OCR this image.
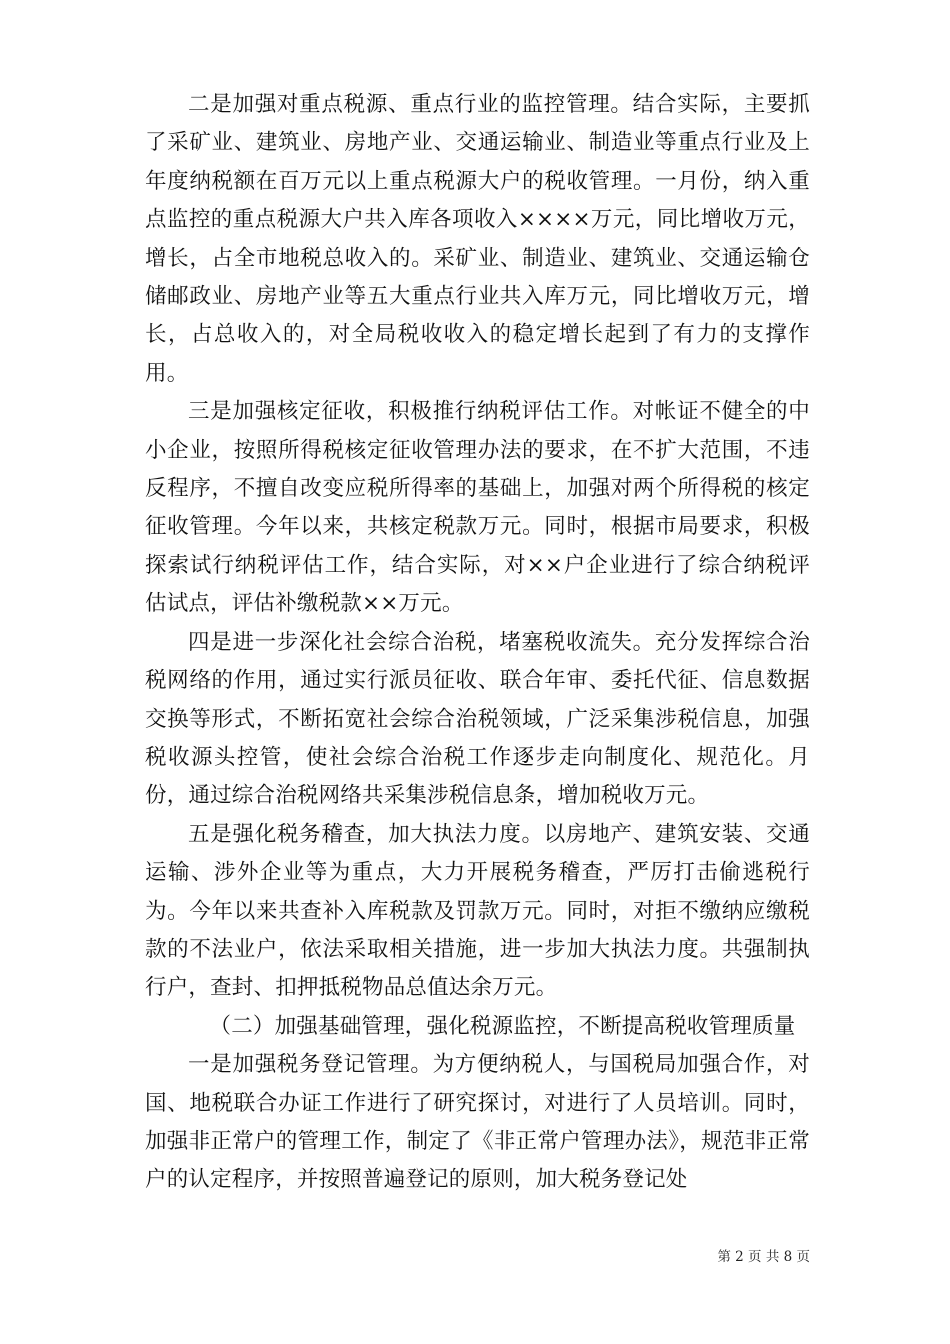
二是加强对重点税源、重点行业的监控管理。结合实际，主要抓了采矿业、建筑业、房地产业、交通运输业、制造业等重点行业及上年度纳税额在百万元以上重点税源大户的税收管理。一月份，纳入重点监控的重点税源大户共入库各项收入××××万元，同比增收万元，增长，占全市地税总收入的。采矿业、制造业、建筑业、交通运输仓储邮政业、房地产业等五大重点行业共入库万元，同比增收万元，增长，占总收入的，对全局税收收入的稳定增长起到了有力的支撑作用。

三是加强核定征收，积极推行纳税评估工作。对帐证不健全的中小企业，按照所得税核定征收管理办法的要求，在不扩大范围，不违反程序，不擅自改变应税所得率的基础上，加强对两个所得税的核定征收管理。今年以来，共核定税款万元。同时，根据市局要求，积极探索试行纳税评估工作，结合实际，对××户企业进行了综合纳税评估试点，评估补缴税款××万元。

四是进一步深化社会综合治税，堵塞税收流失。充分发挥综合治税网络的作用，通过实行派员征收、联合年审、委托代征、信息数据交换等形式，不断拓宽社会综合治税领域，广泛采集涉税信息，加强税收源头控管，使社会综合治税工作逐步走向制度化、规范化。月份，通过综合治税网络共采集涉税信息条，增加税收万元。

五是强化税务稽查，加大执法力度。以房地产、建筑安装、交通运输、涉外企业等为重点，大力开展税务稽查，严厉打击偷逃税行为。今年以来共查补入库税款及罚款万元。同时，对拒不缴纳应缴税款的不法业户，依法采取相关措施，进一步加大执法力度。共强制执行户，查封、扣押抵税物品总值达余万元。

（二）加强基础管理，强化税源监控，不断提高税收管理质量

一是加强税务登记管理。为方便纳税人，与国税局加强合作，对国、地税联合办证工作进行了研究探讨，对进行了人员培训。同时，加强非正常户的管理工作，制定了《非正常户管理办法》，规范非正常户的认定程序，并按照普遍登记的原则，加大税务登记处

第 2 页 共 8 页
